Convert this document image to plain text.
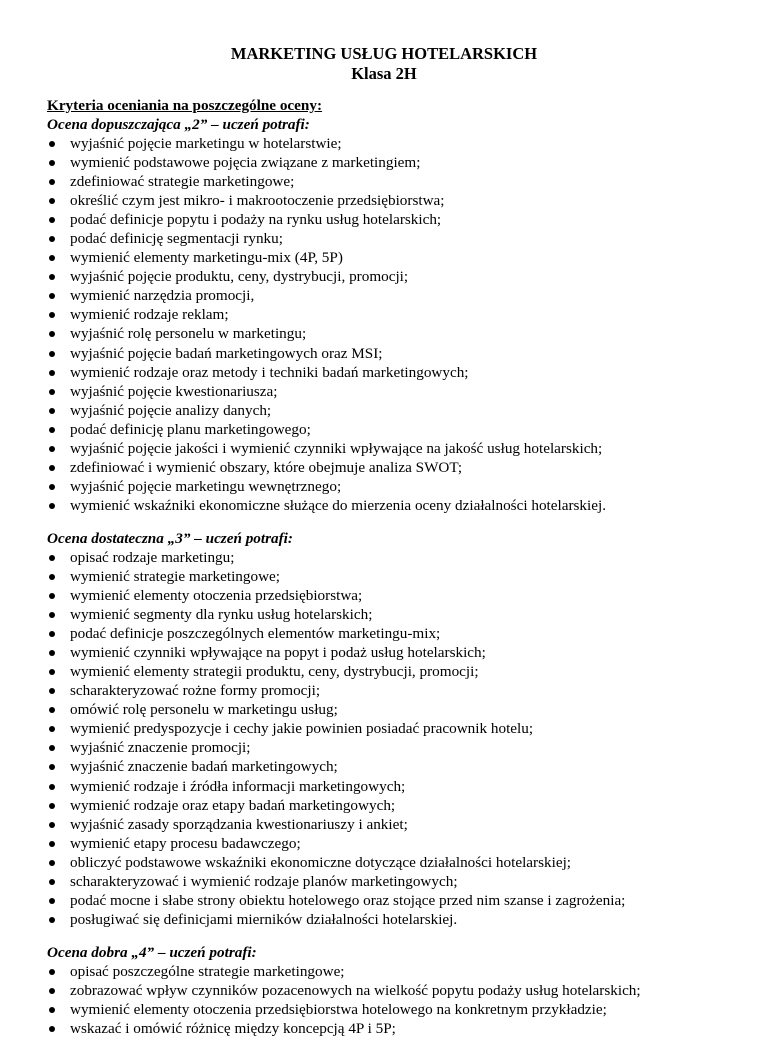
MARKETING USŁUG HOTELARSKICH
Klasa 2H
Kryteria oceniania na poszczególne oceny:
Ocena dopuszczająca „2” – uczeń potrafi:
wyjaśnić pojęcie marketingu w hotelarstwie;
wymienić podstawowe pojęcia związane z marketingiem;
zdefiniować strategie marketingowe;
określić czym jest mikro- i makrootoczenie przedsiębiorstwa;
podać definicje popytu i podaży na rynku usług hotelarskich;
podać definicję segmentacji rynku;
wymienić elementy marketingu-mix (4P, 5P)
wyjaśnić pojęcie produktu, ceny, dystrybucji, promocji;
wymienić narzędzia promocji,
wymienić rodzaje reklam;
wyjaśnić rolę personelu w marketingu;
wyjaśnić pojęcie badań marketingowych oraz MSI;
wymienić rodzaje oraz metody i techniki badań marketingowych;
wyjaśnić pojęcie kwestionariusza;
wyjaśnić pojęcie analizy danych;
podać definicję planu marketingowego;
wyjaśnić pojęcie jakości i wymienić czynniki wpływające na jakość usług hotelarskich;
zdefiniować i wymienić obszary, które obejmuje analiza SWOT;
wyjaśnić pojęcie marketingu wewnętrznego;
wymienić wskaźniki ekonomiczne służące do mierzenia oceny działalności hotelarskiej.
Ocena dostateczna „3” – uczeń potrafi:
opisać rodzaje marketingu;
wymienić strategie marketingowe;
wymienić elementy otoczenia przedsiębiorstwa;
wymienić segmenty dla rynku usług hotelarskich;
podać definicje poszczególnych elementów marketingu-mix;
wymienić czynniki wpływające na popyt i podaż usług hotelarskich;
wymienić elementy strategii produktu, ceny, dystrybucji, promocji;
scharakteryzować rożne formy promocji;
omówić rolę personelu w marketingu usług;
wymienić predyspozycje i cechy jakie powinien posiadać pracownik hotelu;
wyjaśnić znaczenie promocji;
wyjaśnić znaczenie badań marketingowych;
wymienić rodzaje i źródła informacji marketingowych;
wymienić rodzaje oraz etapy badań marketingowych;
wyjaśnić zasady sporządzania kwestionariuszy i ankiet;
wymienić etapy procesu badawczego;
obliczyć podstawowe wskaźniki ekonomiczne dotyczące działalności hotelarskiej;
scharakteryzować i wymienić rodzaje planów marketingowych;
podać mocne i słabe strony obiektu hotelowego oraz stojące przed nim szanse i zagrożenia;
posługiwać się definicjami mierników działalności hotelarskiej.
Ocena dobra „4” – uczeń potrafi:
opisać poszczególne strategie marketingowe;
zobrazować wpływ czynników pozacenowych na wielkość popytu podaży usług hotelarskich;
wymienić elementy otoczenia przedsiębiorstwa hotelowego na konkretnym przykładzie;
wskazać i omówić różnicę między koncepcją 4P i 5P;
